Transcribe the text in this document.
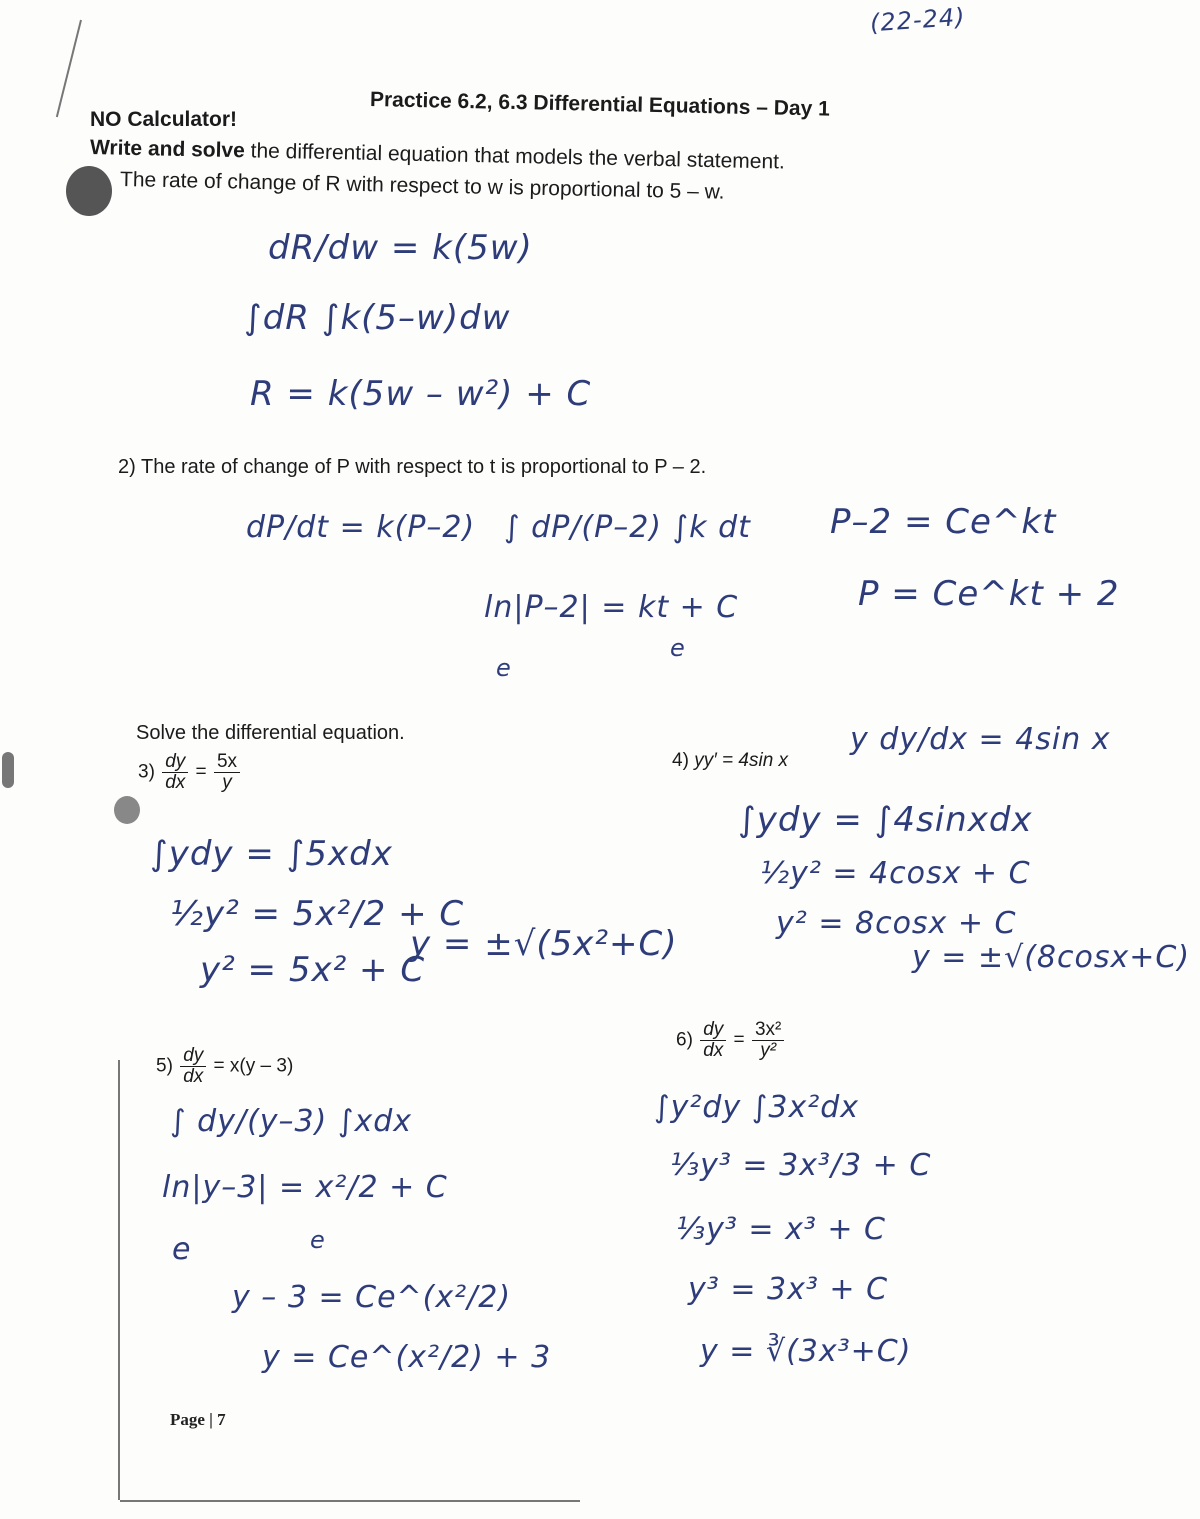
(22-24)
Practice 6.2, 6.3 Differential Equations – Day 1
NO Calculator!
Write and solve the differential equation that models the verbal statement.
The rate of change of R with respect to w is proportional to 5 – w.
dR/dw = k(5w)
∫dR ∫k(5–w)dw
R = k(5w – w²) + C
2) The rate of change of P with respect to t is proportional to P – 2.
dP/dt = k(P–2) ∫ dP/(P–2) ∫k dt
ln|P–2| = kt + C
e
e
P–2 = Ce^kt
P = Ce^kt + 2
Solve the differential equation.
$3) \frac{dy}{dx} = \frac{5x}{y}$
∫ydy = ∫5xdx
½y² = 5x²/2 + C
y² = 5x² + C
y = ±√(5x²+C)
4) yy′ = 4sin x
y dy/dx = 4sin x
∫ydy = ∫4sinxdx
½y² = 4cosx + C
y² = 8cosx + C
y = ±√(8cosx+C)
$5) \frac{dy}{dx} = x(y - 3)$
∫ dy/(y–3) ∫xdx
ln|y–3| = x²/2 + C
e	e
y – 3 = Ce^(x²/2)
y = Ce^(x²/2) + 3
$6) \frac{dy}{dx} = \frac{\text{3x²}}{\text{y²}}$
∫y²dy ∫3x²dx
⅓y³ = 3x³/3 + C
⅓y³ = x³ + C
y³ = 3x³ + C
y = ∛(3x³+C)
Page | 7
